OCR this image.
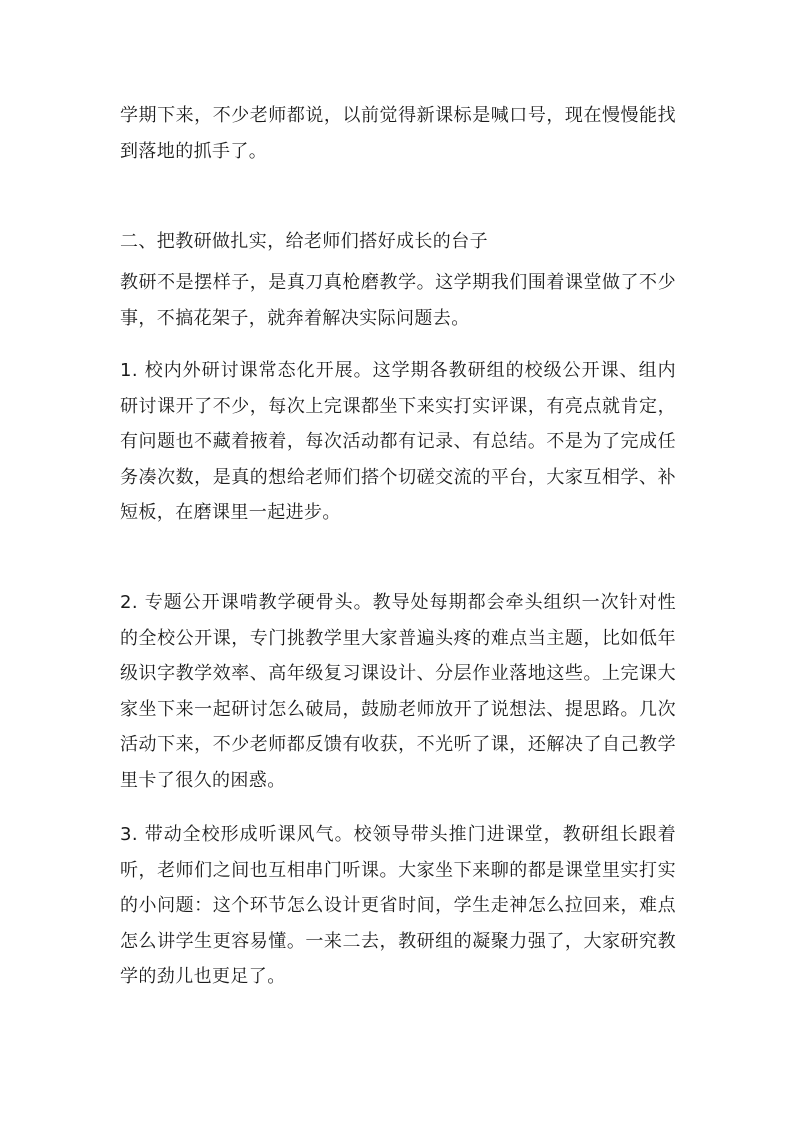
学期下来，不少老师都说，以前觉得新课标是喊口号，现在慢慢能找到落地的抓手了。

二、把教研做扎实，给老师们搭好成长的台子

教研不是摆样子，是真刀真枪磨教学。这学期我们围着课堂做了不少事，不搞花架子，就奔着解决实际问题去。

1. 校内外研讨课常态化开展。这学期各教研组的校级公开课、组内研讨课开了不少，每次上完课都坐下来实打实评课，有亮点就肯定，有问题也不藏着掖着，每次活动都有记录、有总结。不是为了完成任务凑次数，是真的想给老师们搭个切磋交流的平台，大家互相学、补短板，在磨课里一起进步。

2. 专题公开课啃教学硬骨头。教导处每期都会牵头组织一次针对性的全校公开课，专门挑教学里大家普遍头疼的难点当主题，比如低年级识字教学效率、高年级复习课设计、分层作业落地这些。上完课大家坐下来一起研讨怎么破局，鼓励老师放开了说想法、提思路。几次活动下来，不少老师都反馈有收获，不光听了课，还解决了自己教学里卡了很久的困惑。

3. 带动全校形成听课风气。校领导带头推门进课堂，教研组长跟着听，老师们之间也互相串门听课。大家坐下来聊的都是课堂里实打实的小问题：这个环节怎么设计更省时间，学生走神怎么拉回来，难点怎么讲学生更容易懂。一来二去，教研组的凝聚力强了，大家研究教学的劲儿也更足了。
